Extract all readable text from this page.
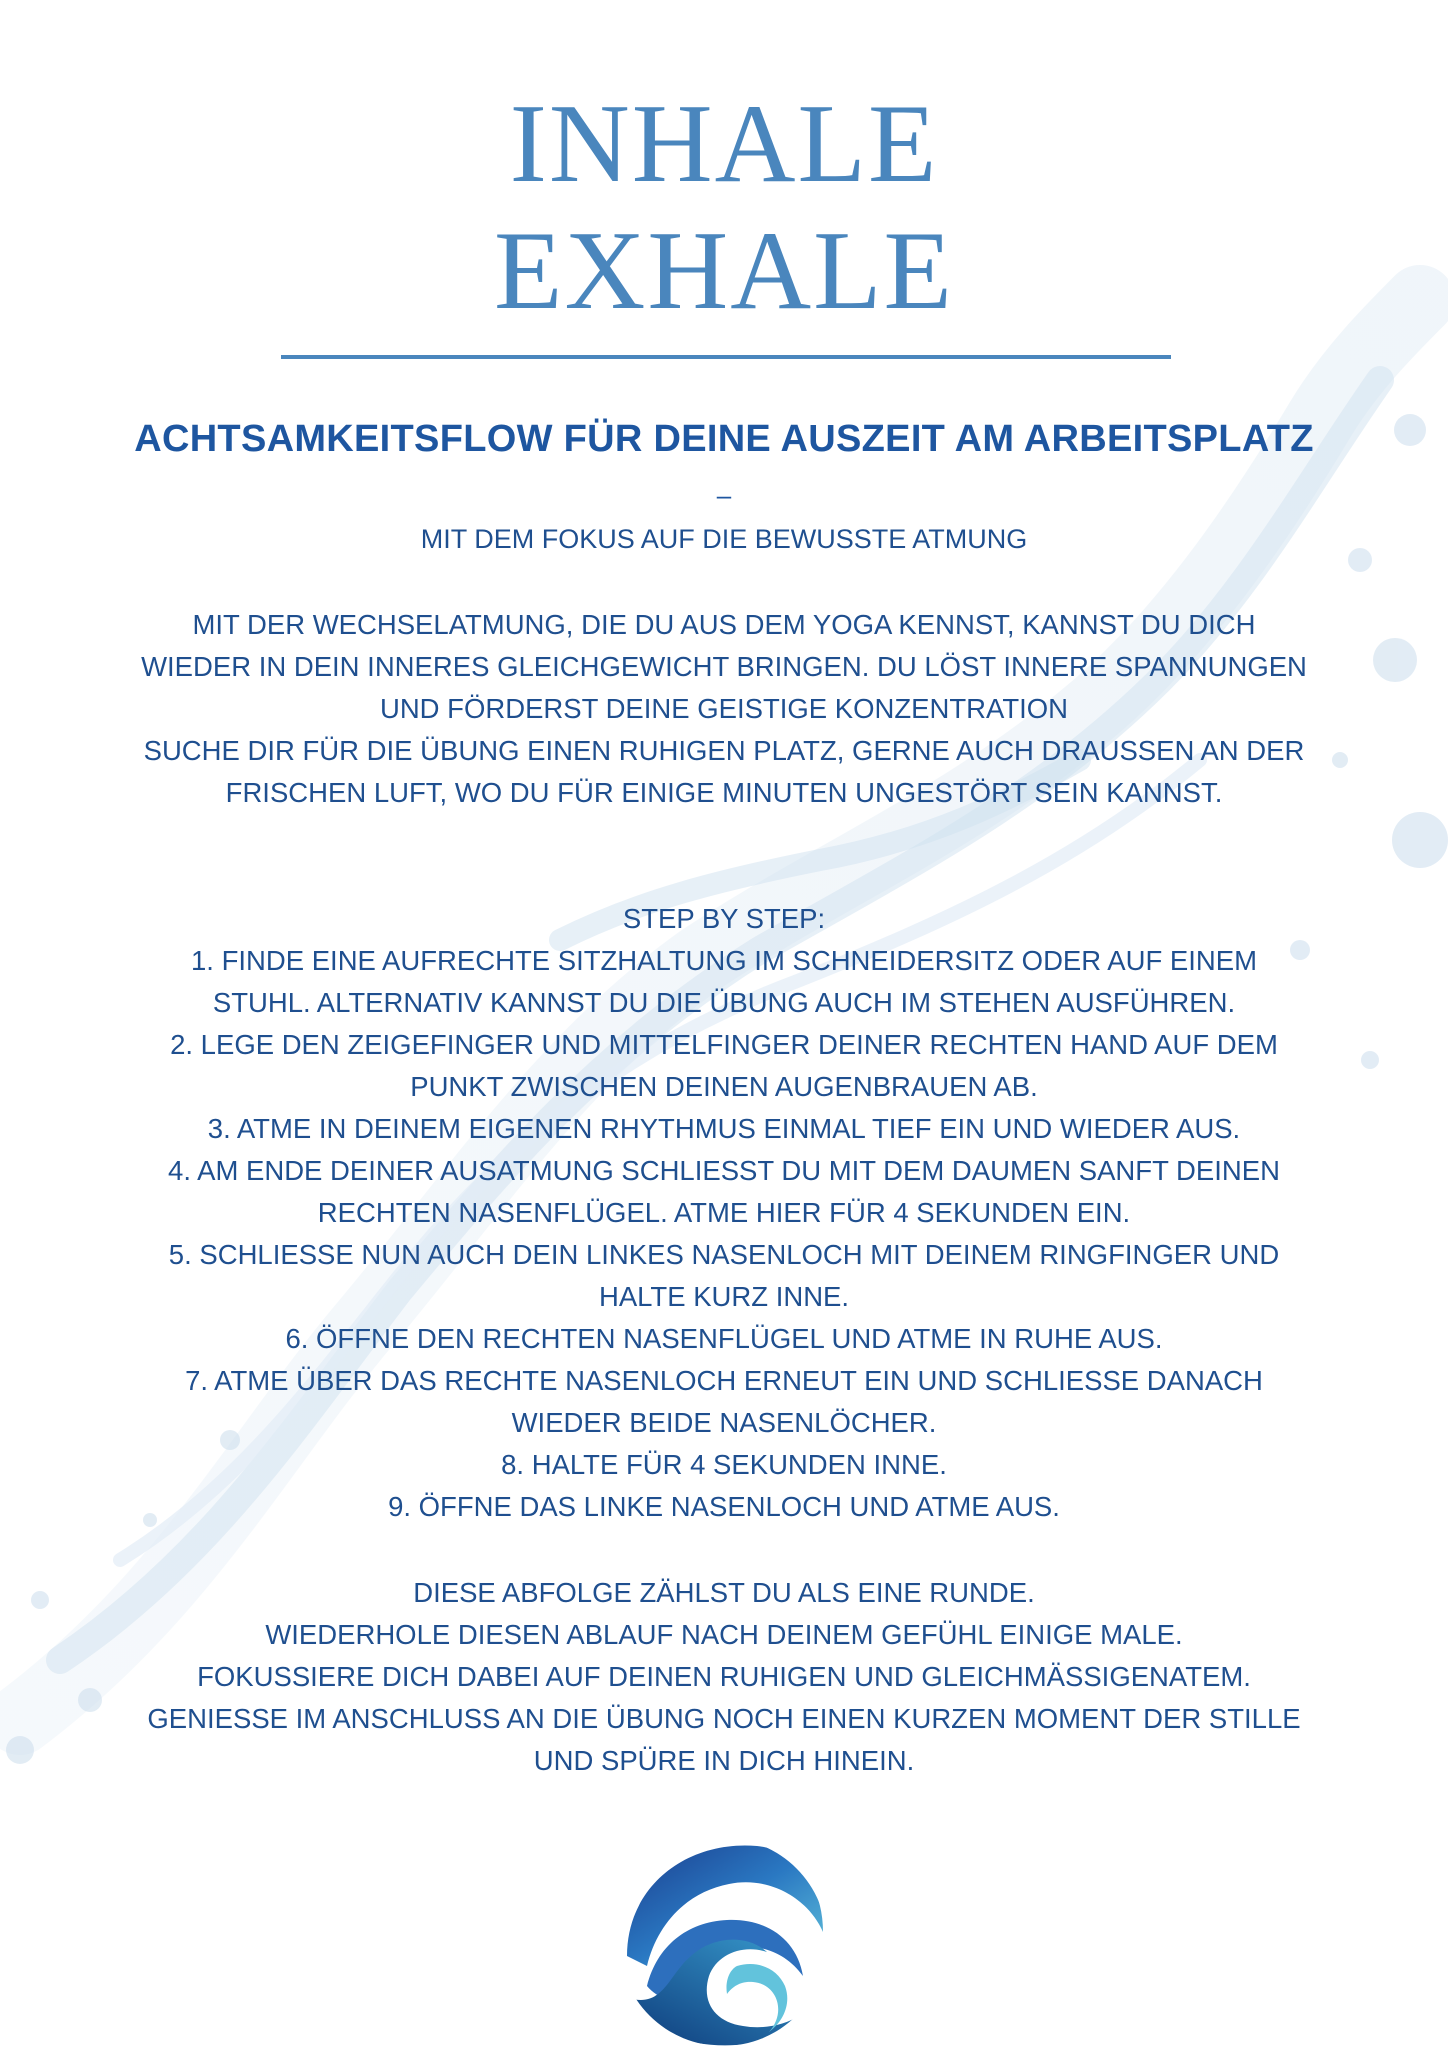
INHALE
EXHALE
ACHTSAMKEITSFLOW FÜR DEINE AUSZEIT AM ARBEITSPLATZ
–
MIT DEM FOKUS AUF DIE BEWUSSTE ATMUNG

MIT DER WECHSELATMUNG, DIE DU AUS DEM YOGA KENNST, KANNST DU DICH

WIEDER IN DEIN INNERES GLEICHGEWICHT BRINGEN. DU LÖST INNERE SPANNUNGEN

UND FÖRDERST DEINE GEISTIGE KONZENTRATION

SUCHE DIR FÜR DIE ÜBUNG EINEN RUHIGEN PLATZ, GERNE AUCH DRAUSSEN AN DER

FRISCHEN LUFT, WO DU FÜR EINIGE MINUTEN UNGESTÖRT SEIN KANNST.

STEP BY STEP:

1. FINDE EINE AUFRECHTE SITZHALTUNG IM SCHNEIDERSITZ ODER AUF EINEM

STUHL. ALTERNATIV KANNST DU DIE ÜBUNG AUCH IM STEHEN AUSFÜHREN.

2. LEGE DEN ZEIGEFINGER UND MITTELFINGER DEINER RECHTEN HAND AUF DEM

PUNKT ZWISCHEN DEINEN AUGENBRAUEN AB.

3. ATME IN DEINEM EIGENEN RHYTHMUS EINMAL TIEF EIN UND WIEDER AUS.

4. AM ENDE DEINER AUSATMUNG SCHLIESST DU MIT DEM DAUMEN SANFT DEINEN

RECHTEN NASENFLÜGEL. ATME HIER FÜR 4 SEKUNDEN EIN.

5. SCHLIESSE NUN AUCH DEIN LINKES NASENLOCH MIT DEINEM RINGFINGER UND

HALTE KURZ INNE.

6. ÖFFNE DEN RECHTEN NASENFLÜGEL UND ATME IN RUHE AUS.

7. ATME ÜBER DAS RECHTE NASENLOCH ERNEUT EIN UND SCHLIESSE DANACH

WIEDER BEIDE NASENLÖCHER.

8. HALTE FÜR 4 SEKUNDEN INNE.

9. ÖFFNE DAS LINKE NASENLOCH UND ATME AUS.

DIESE ABFOLGE ZÄHLST DU ALS EINE RUNDE.

WIEDERHOLE DIESEN ABLAUF NACH DEINEM GEFÜHL EINIGE MALE.

FOKUSSIERE DICH DABEI AUF DEINEN RUHIGEN UND GLEICHMÄSSIGENATEM.

GENIESSE IM ANSCHLUSS AN DIE ÜBUNG NOCH EINEN KURZEN MOMENT DER STILLE

UND SPÜRE IN DICH HINEIN.
